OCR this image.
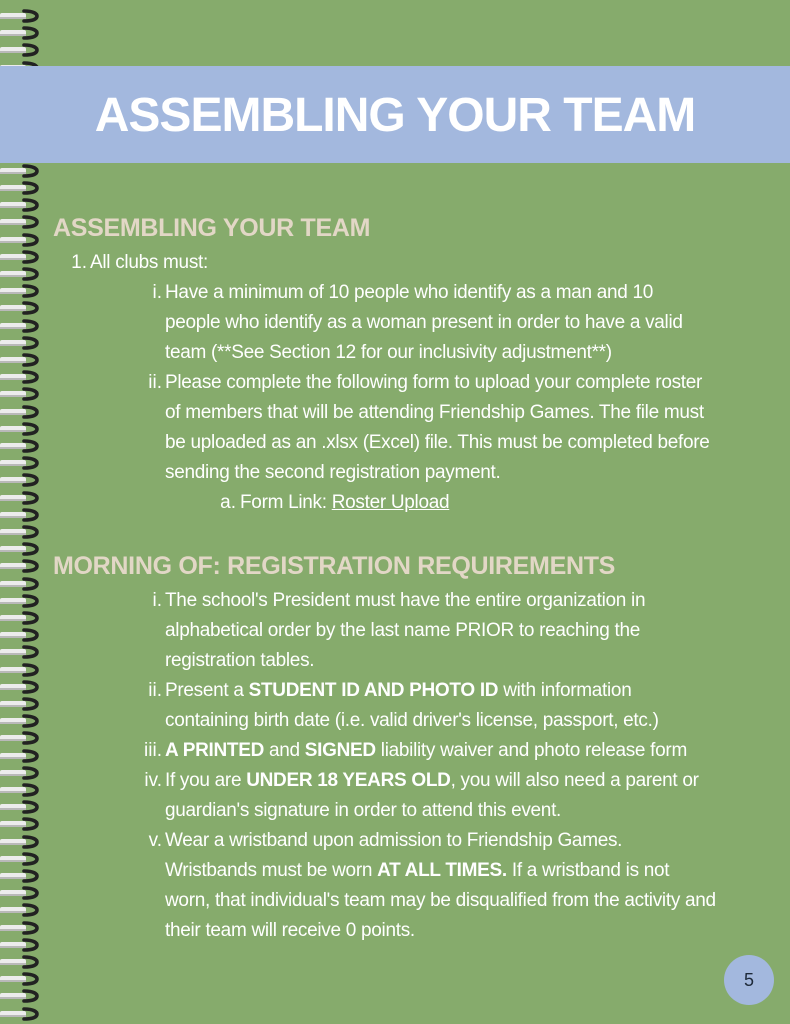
ASSEMBLING YOUR TEAM
ASSEMBLING YOUR TEAM
1. All clubs must:
i. Have a minimum of 10 people who identify as a man and 10
people who identify as a woman present in order to have a valid
team (**See Section 12 for our inclusivity adjustment**)
ii. Please complete the following form to upload your complete roster
of members that will be attending Friendship Games. The file must
be uploaded as an .xlsx (Excel) file. This must be completed before
sending the second registration payment.
a. Form Link: Roster Upload
MORNING OF: REGISTRATION REQUIREMENTS
i. The school's President must have the entire organization in
alphabetical order by the last name PRIOR to reaching the
registration tables.
ii. Present a STUDENT ID AND PHOTO ID with information
containing birth date (i.e. valid driver's license, passport, etc.)
iii. A PRINTED and SIGNED liability waiver and photo release form
iv. If you are UNDER 18 YEARS OLD, you will also need a parent or
guardian's signature in order to attend this event.
v. Wear a wristband upon admission to Friendship Games.
Wristbands must be worn AT ALL TIMES. If a wristband is not
worn, that individual's team may be disqualified from the activity and
their team will receive 0 points.
5
